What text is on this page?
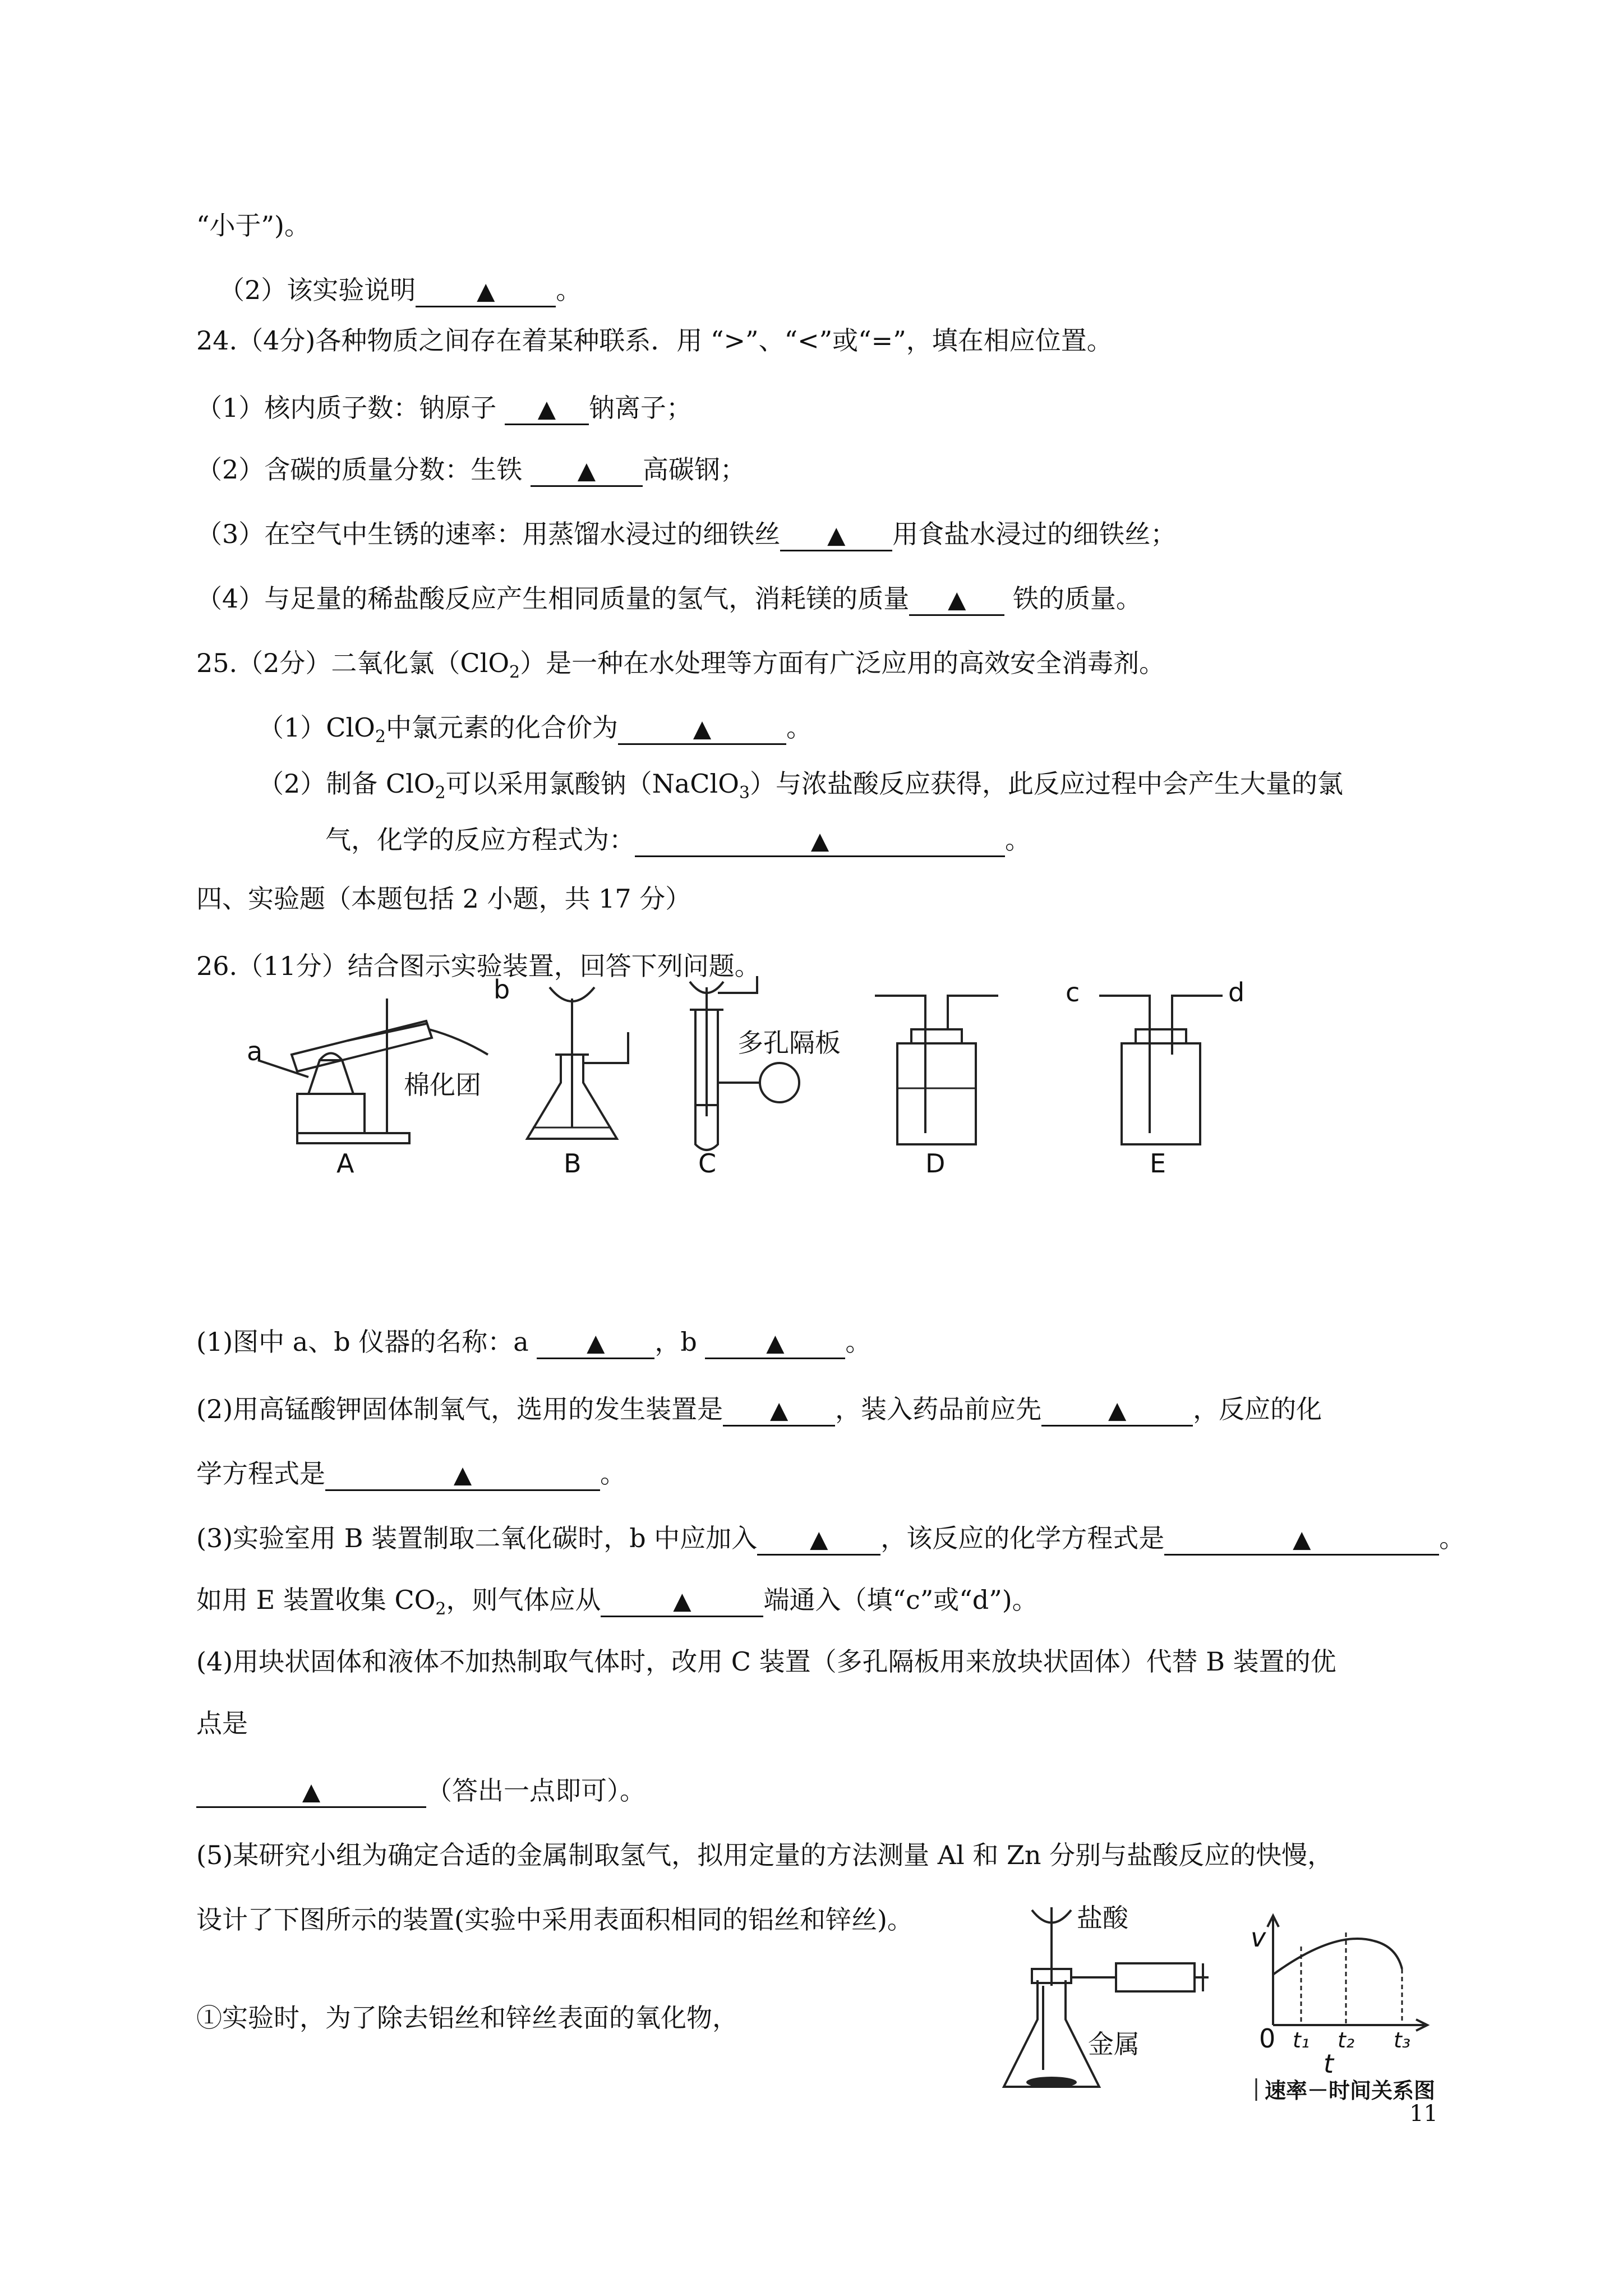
“小于”)。
（2）该实验说明	▲ 。
24.（4分)各种物质之间存在着某种联系．用 “>”、“<”或“=”，填在相应位置。
（1）核内质子数：钠原子 ▲ 钠离子；
（2）含碳的质量分数：生铁 ▲ 高碳钢；
（3）在空气中生锈的速率：用蒸馏水浸过的细铁丝 ▲ 用食盐水浸过的细铁丝；
（4）与足量的稀盐酸反应产生相同质量的氢气，消耗镁的质量 ▲ 铁的质量。
25.（2分）二氧化氯（ClO$_2$）是一种在水处理等方面有广泛应用的高效安全消毒剂。
（1）ClO$_2$中氯元素的化合价为	▲	。
（2）制备 ClO$_2$可以采用氯酸钠（NaClO$_3$）与浓盐酸反应获得，此反应过程中会产生大量的氯
气，化学的反应方程式为：	▲	。
四、实验题（本题包括 2 小题，共 17 分）
26.（11分）结合图示实验装置，回答下列问题。
a
b	c	d
棉化团
多孔隔板
A	B	C	D	E
(1)图中 a、b 仪器的名称：a ▲ ，b	▲ 。
(2)用高锰酸钾固体制氧气，选用的发生装置是 ▲ ，装入药品前应先	▲	，反应的化
学方程式是	▲	。
(3)实验室用 B 装置制取二氧化碳时，b 中应加入 ▲ ，该反应的化学方程式是	▲	。
如用 E 装置收集 $CO_2$，则气体应从	▲	端通入（填“c”或“d”)。
(4)用块状固体和液体不加热制取气体时，改用 C 装置（多孔隔板用来放块状固体）代替 B 装置的优
点是
▲	（答出一点即可）。
(5)某研究小组为确定合适的金属制取氢气，拟用定量的方法测量 Al 和 Zn 分别与盐酸反应的快慢，
设计了下图所示的装置(实验中采用表面积相同的铝丝和锌丝)。
①实验时，为了除去铝丝和锌丝表面的氧化物，
盐酸
金属
v
0 t₁ t₂ t₃
t
速率－时间关系图
11
